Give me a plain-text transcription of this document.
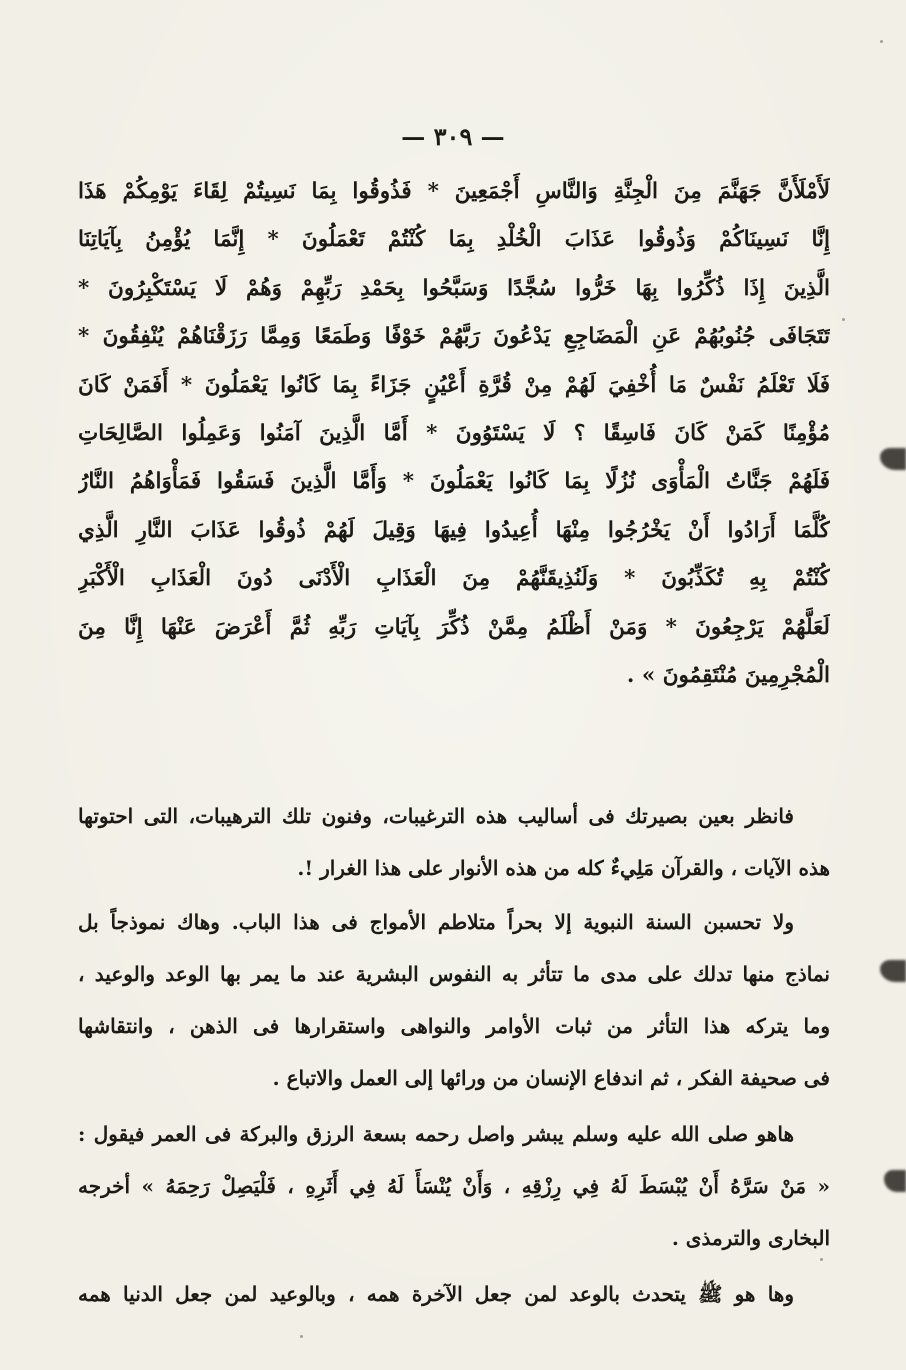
— ٣٠٩ —
لَأَمْلَأَنَّ جَهَنَّمَ مِنَ الْجِنَّةِ وَالنَّاسِ أَجْمَعِينَ * فَذُوقُوا بِمَا نَسِيتُمْ لِقَاءَ يَوْمِكُمْ هَذَا
إِنَّا نَسِينَاكُمْ وَذُوقُوا عَذَابَ الْخُلْدِ بِمَا كُنْتُمْ تَعْمَلُونَ * إِنَّمَا يُؤْمِنُ بِآيَاتِنَا
الَّذِينَ إِذَا ذُكِّرُوا بِهَا خَرُّوا سُجَّدًا وَسَبَّحُوا بِحَمْدِ رَبِّهِمْ وَهُمْ لَا يَسْتَكْبِرُونَ *
تَتَجَافَى جُنُوبُهُمْ عَنِ الْمَضَاجِعِ يَدْعُونَ رَبَّهُمْ خَوْفًا وَطَمَعًا وَمِمَّا رَزَقْنَاهُمْ يُنْفِقُونَ *
فَلَا تَعْلَمُ نَفْسٌ مَا أُخْفِيَ لَهُمْ مِنْ قُرَّةِ أَعْيُنٍ جَزَاءً بِمَا كَانُوا يَعْمَلُونَ * أَفَمَنْ كَانَ
مُؤْمِنًا كَمَنْ كَانَ فَاسِقًا ؟ لَا يَسْتَوُونَ * أَمَّا الَّذِينَ آمَنُوا وَعَمِلُوا الصَّالِحَاتِ
فَلَهُمْ جَنَّاتُ الْمَأْوَى نُزُلًا بِمَا كَانُوا يَعْمَلُونَ * وَأَمَّا الَّذِينَ فَسَقُوا فَمَأْوَاهُمُ النَّارُ
كُلَّمَا أَرَادُوا أَنْ يَخْرُجُوا مِنْهَا أُعِيدُوا فِيهَا وَقِيلَ لَهُمْ ذُوقُوا عَذَابَ النَّارِ الَّذِي
كُنْتُمْ بِهِ تُكَذِّبُونَ * وَلَنُذِيقَنَّهُمْ مِنَ الْعَذَابِ الْأَدْنَى دُونَ الْعَذَابِ الْأَكْبَرِ
لَعَلَّهُمْ يَرْجِعُونَ * وَمَنْ أَظْلَمُ مِمَّنْ ذُكِّرَ بِآيَاتِ رَبِّهِ ثُمَّ أَعْرَضَ عَنْهَا إِنَّا مِنَ
الْمُجْرِمِينَ مُنْتَقِمُونَ » .
فانظر بعين بصيرتك فى أساليب هذه الترغيبات، وفنون تلك الترهيبات، التى احتوتها
هذه الآيات ، والقرآن مَلِيءٌ كله من هذه الأنوار على هذا الغرار !.
ولا تحسبن السنة النبوية إلا بحراً متلاطم الأمواج فى هذا الباب. وهاك نموذجاً بل
نماذج منها تدلك على مدى ما تتأثر به النفوس البشرية عند ما يمر بها الوعد والوعيد ،
وما يتركه هذا التأثر من ثبات الأوامر والنواهى واستقرارها فى الذهن ، وانتقاشها
فى صحيفة الفكر ، ثم اندفاع الإنسان من ورائها إلى العمل والاتباع .
هاهو صلى الله عليه وسلم يبشر واصل رحمه بسعة الرزق والبركة فى العمر فيقول :
« مَنْ سَرَّهُ أَنْ يُبْسَطَ لَهُ فِي رِزْقِهِ ، وَأَنْ يُنْسَأَ لَهُ فِي أَثَرِهِ ، فَلْيَصِلْ رَحِمَهُ » أخرجه
البخارى والترمذى .
وها هو ﷺ يتحدث بالوعد لمن جعل الآخرة همه ، وبالوعيد لمن جعل الدنيا همه
